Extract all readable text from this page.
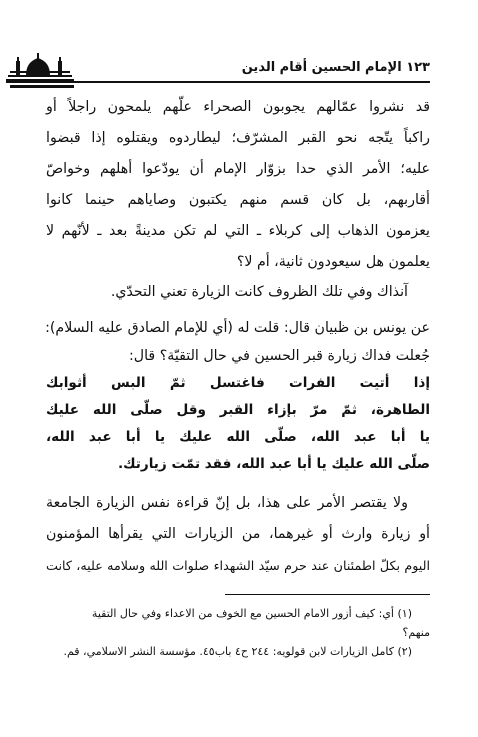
١٢٣ الإمام الحسين أقام الدين
قد نشروا عمّالهم يجوبون الصحراء علّهم يلمحون راجلاً أو
راكباً يتّجه نحو القبر المشرّف؛ ليطاردوه ويقتلوه إذا قبضوا
عليه؛ الأمر الذي حدا بزوّار الإمام أن يودّعوا أهلهم وخواصّ
أقاربهم، بل كان قسم منهم يكتبون وصاياهم حينما كانوا
يعزمون الذهاب إلى كربلاء ـ التي لم تكن مدينةً بعد ـ لأنّهم لا
يعلمون هل سيعودون ثانية، أم لا؟
آنذاك وفي تلك الظروف كانت الزيارة تعني التحدّي.
عن يونس بن ظبيان قال: قلت له (أي للإمام الصادق عليه السلام):
جُعلت فداك زيارة قبر الحسين في حال التقيّة؟ قال:
إذا أتيت الفرات فاغتسل ثمّ البس أثوابك
الطاهرة، ثمّ مرّ بإزاء القبر وقل صلّى الله عليك
يا أبا عبد الله، صلّى الله عليك يا أبا عبد الله،
صلّى الله عليك يا أبا عبد الله، فقد تمّت زيارتك.
ولا يقتصر الأمر على هذا، بل إنّ قراءة نفس الزيارة الجامعة
أو زيارة وارث أو غيرهما، من الزيارات التي يقرأها المؤمنون
اليوم بكلّ اطمئنان عند حرم سيّد الشهداء صلوات الله وسلامه عليه، كانت
(١) أي: كيف أزور الامام الحسين مع الخوف من الاعداء وفي حال التقية
منهم؟
(٢) كامل الزيارات لابن قولويه: ٢٤٤ ح٤ باب٤٥. مؤسسة النشر الاسلامي، قم.
